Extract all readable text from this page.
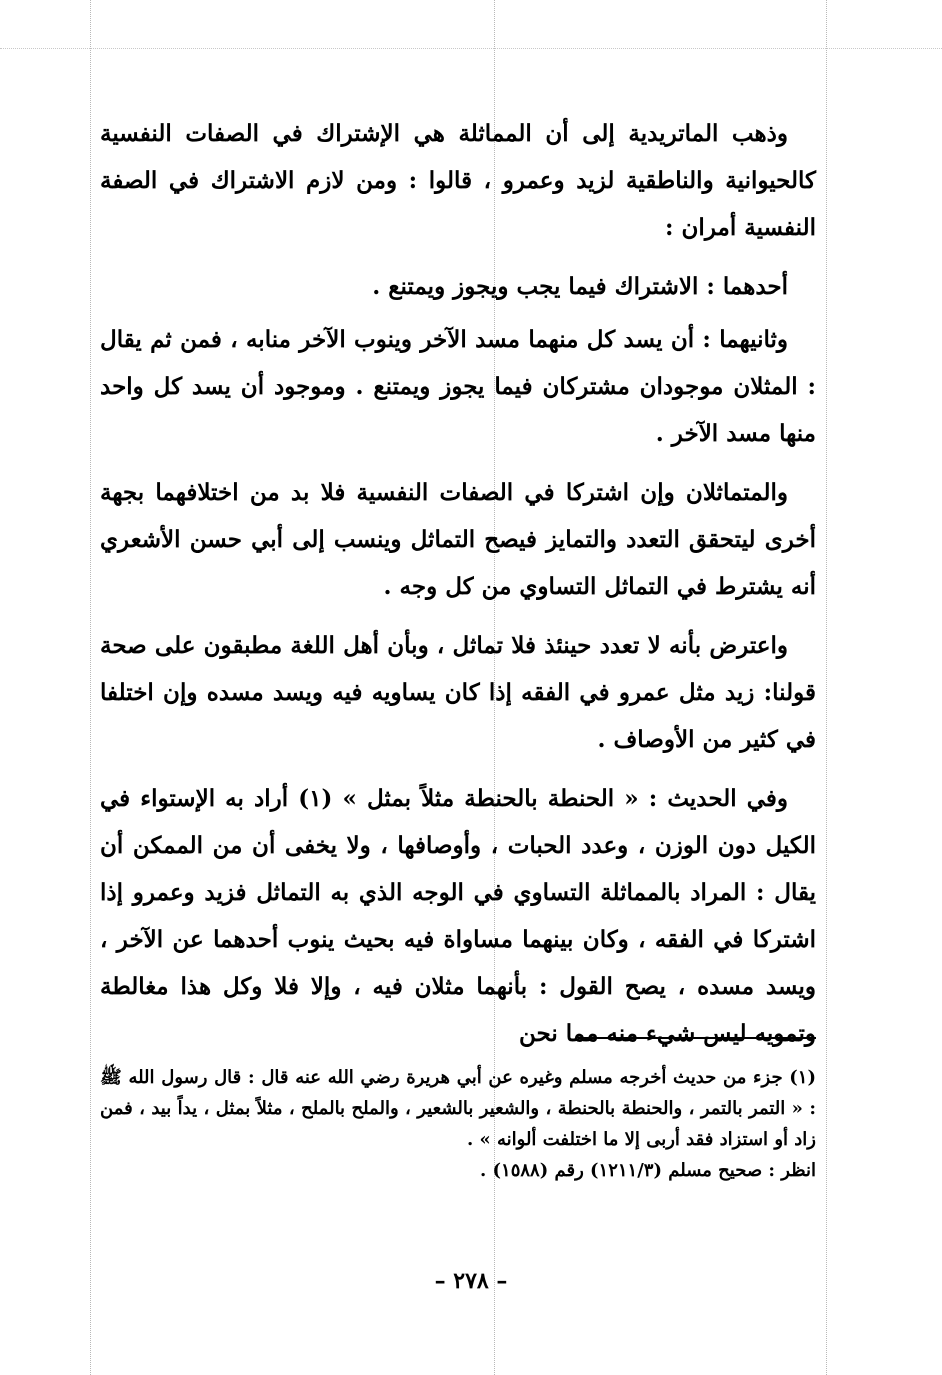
وذهب الماتريدية إلى أن المماثلة هي الإشتراك في الصفات النفسية كالحيوانية والناطقية لزيد وعمرو ، قالوا : ومن لازم الاشتراك في الصفة النفسية أمران :

أحدهما : الاشتراك فيما يجب ويجوز ويمتنع .

وثانيهما : أن يسد كل منهما مسد الآخر وينوب الآخر منابه ، فمن ثم يقال : المثلان موجودان مشتركان فيما يجوز ويمتنع . وموجود أن يسد كل واحد منها مسد الآخر .

والمتماثلان وإن اشتركا في الصفات النفسية فلا بد من اختلافهما بجهة أخرى ليتحقق التعدد والتمايز فيصح التماثل وينسب إلى أبي حسن الأشعري أنه يشترط في التماثل التساوي من كل وجه .

واعترض بأنه لا تعدد حينئذ فلا تماثل ، وبأن أهل اللغة مطبقون على صحة قولنا: زيد مثل عمرو في الفقه إذا كان يساويه فيه ويسد مسده وإن اختلفا في كثير من الأوصاف .

وفي الحديث : « الحنطة بالحنطة مثلاً بمثل » (١) أراد به الإستواء في الكيل دون الوزن ، وعدد الحبات ، وأوصافها ، ولا يخفى أن من الممكن أن يقال : المراد بالمماثلة التساوي في الوجه الذي به التماثل فزيد وعمرو إذا اشتركا في الفقه ، وكان بينهما مساواة فيه بحيث ينوب أحدهما عن الآخر ، ويسد مسده ، يصح القول : بأنهما مثلان فيه ، وإلا فلا وكل هذا مغالطة وتمويه ليس شيء منه مما نحن

(١) جزء من حديث أخرجه مسلم وغيره عن أبي هريرة رضي الله عنه قال : قال رسول الله ﷺ : « التمر بالتمر ، والحنطة بالحنطة ، والشعير بالشعير ، والملح بالملح ، مثلاً بمثل ، يداً بيد ، فمن زاد أو استزاد فقد أربى إلا ما اختلفت ألوانه » .

انظر : صحيح مسلم (١٢١١/٣) رقم (١٥٨٨) .

– ٢٧٨ –
